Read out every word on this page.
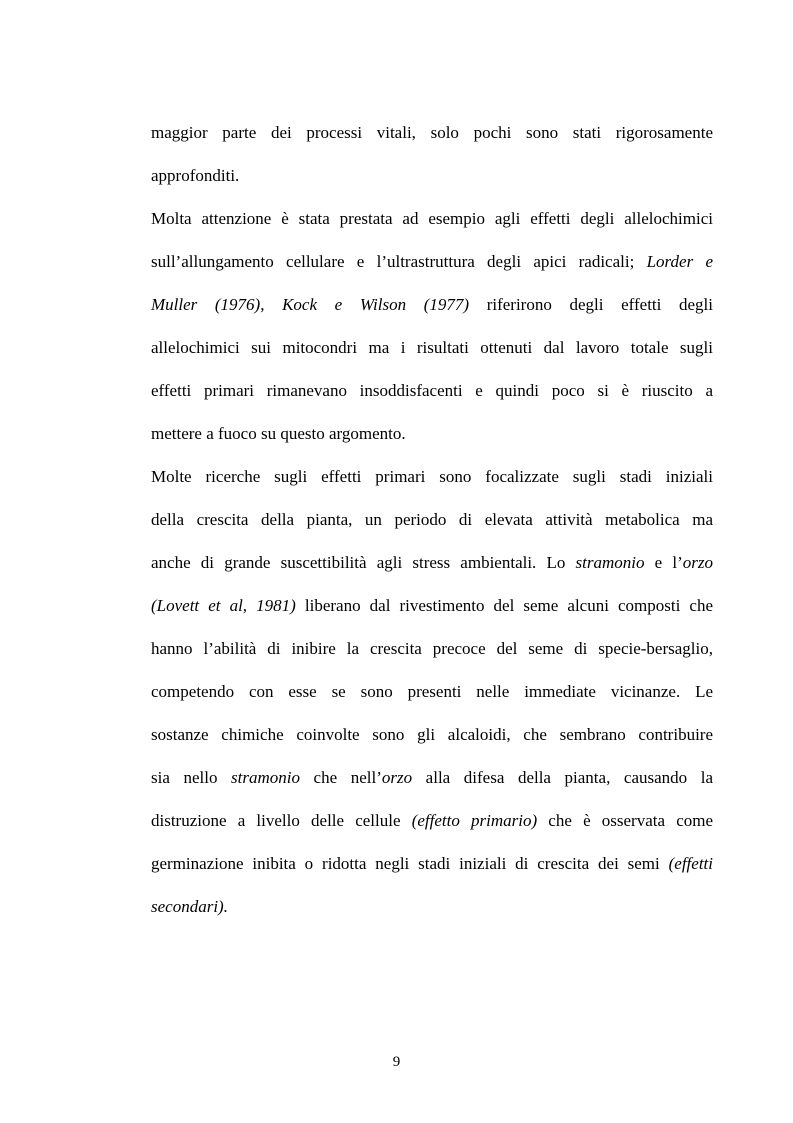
maggior parte dei processi vitali, solo pochi sono stati rigorosamente
approfonditi.
Molta attenzione è stata prestata ad esempio agli effetti degli allelochimici
sull’allungamento cellulare e l’ultrastruttura degli apici radicali; Lorder e
Muller (1976), Kock e Wilson (1977) riferirono degli effetti degli
allelochimici sui mitocondri ma i risultati ottenuti dal lavoro totale sugli
effetti primari rimanevano insoddisfacenti e quindi poco si è riuscito a
mettere a fuoco su questo argomento.
Molte ricerche sugli effetti primari sono focalizzate sugli stadi iniziali
della crescita della pianta, un periodo di elevata attività metabolica ma
anche di grande suscettibilità agli stress ambientali. Lo stramonio e l’orzo
(Lovett et al, 1981) liberano dal rivestimento del seme alcuni composti che
hanno l’abilità di inibire la crescita precoce del seme di specie-bersaglio,
competendo con esse se sono presenti nelle immediate vicinanze. Le
sostanze chimiche coinvolte sono gli alcaloidi, che sembrano contribuire
sia nello stramonio che nell’orzo alla difesa della pianta, causando la
distruzione a livello delle cellule (effetto primario) che è osservata come
germinazione inibita o ridotta negli stadi iniziali di crescita dei semi (effetti
secondari).
9
